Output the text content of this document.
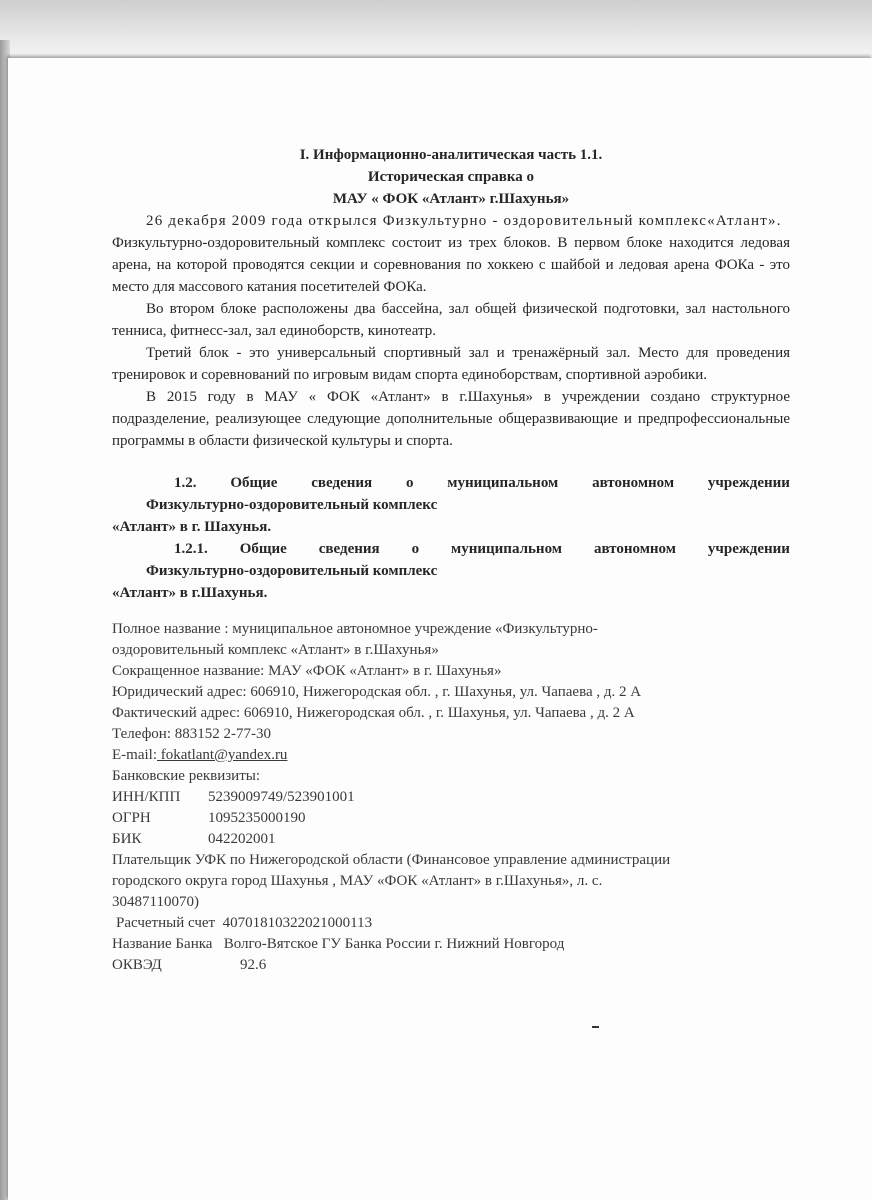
I. Информационно-аналитическая часть 1.1.
Историческая справка о
МАУ « ФОК «Атлант» г.Шахунья»

26 декабря 2009 года открылся Физкультурно - оздоровительный комплекс«Атлант».

Физкультурно-оздоровительный комплекс состоит из трех блоков. В первом блоке находится ледовая арена, на которой проводятся секции и соревнования по хоккею с шайбой и ледовая арена ФОКа - это место для массового катания посетителей ФОКа.

Во втором блоке расположены два бассейна, зал общей физической подготовки, зал настольного тенниса, фитнесс-зал, зал единоборств, кинотеатр.

Третий блок - это универсальный спортивный зал и тренажёрный зал. Место для проведения тренировок и соревнований по игровым видам спорта единоборствам, спортивной аэробики.

В 2015 году в МАУ « ФОК «Атлант» в г.Шахунья» в учреждении создано структурное подразделение, реализующее следующие дополнительные общеразвивающие и предпрофессиональные программы в области физической культуры и спорта.

1.2. Общие сведения о муниципальном автономном учреждении
Физкультурно-оздоровительный комплекс
«Атлант» в г. Шахунья.
1.2.1. Общие сведения о муниципальном автономном учреждении
Физкультурно-оздоровительный комплекс
«Атлант» в г.Шахунья.
Полное название : муниципальное автономное учреждение «Физкультурно-
оздоровительный комплекс «Атлант» в г.Шахунья»
Сокращенное название: МАУ «ФОК «Атлант» в г. Шахунья»
Юридический адрес: 606910, Нижегородская обл. , г. Шахунья, ул. Чапаева , д. 2 А
Фактический адрес: 606910, Нижегородская обл. , г. Шахунья, ул. Чапаева , д. 2 А
Телефон: 883152 2-77-30
E-mail: fokatlant@yandex.ru
Банковские реквизиты:
ИНН/КПП 5239009749/523901001
ОГРН	1095235000190
БИК	042202001
Плательщик УФК по Нижегородской области (Финансовое управление администрации
городского округа город Шахунья , МАУ «ФОК «Атлант» в г.Шахунья», л. с.
30487110070)
Расчетный счет 40701810322021000113
Название Банка Волго-Вятское ГУ Банка России г. Нижний Новгород
ОКВЭД	92.6
